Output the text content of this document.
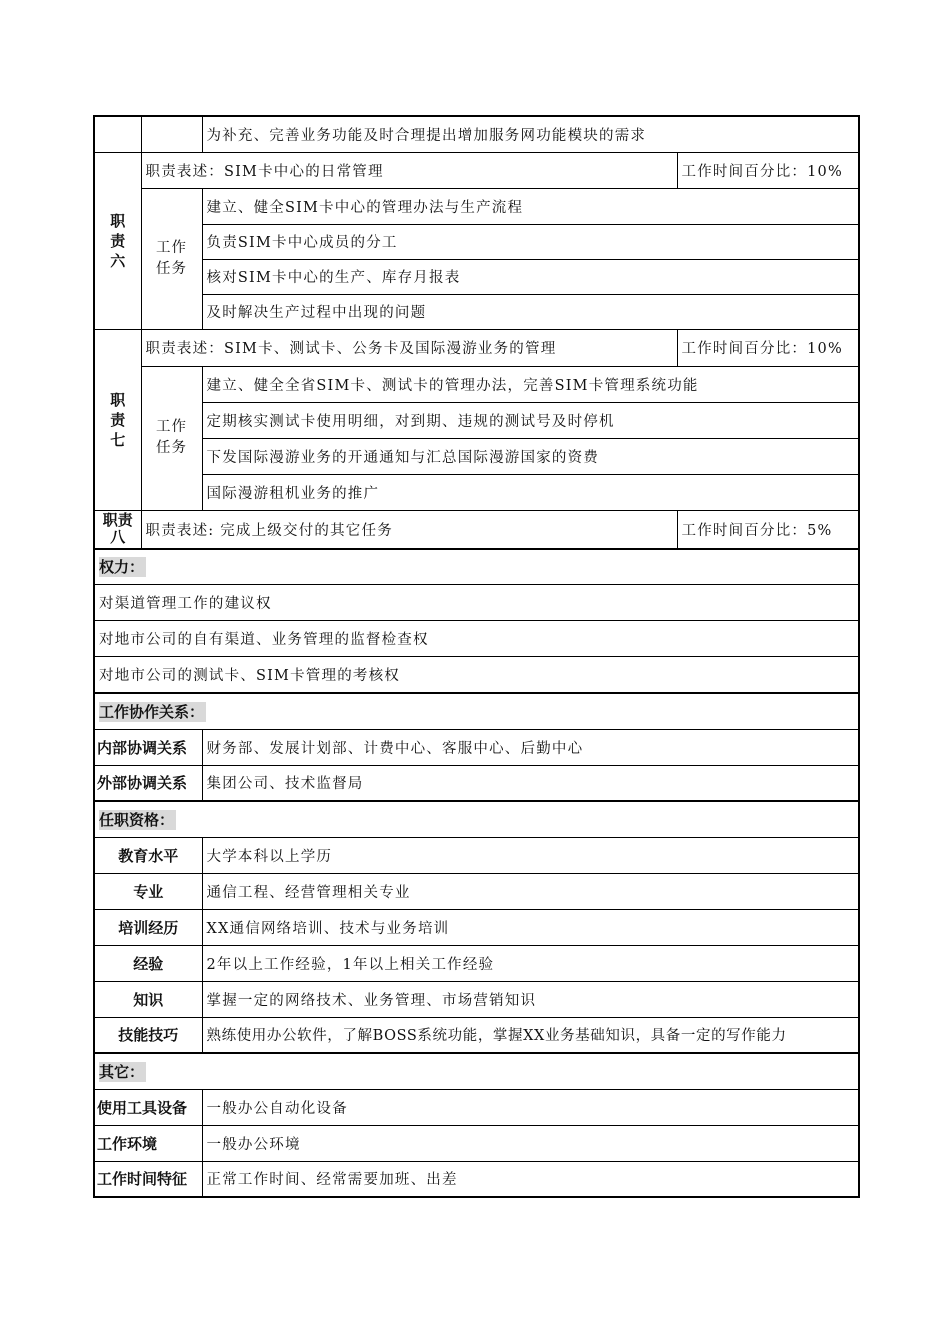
		为补充、完善业务功能及时合理提出增加服务网功能模块的需求	

职
责
六	职责表述：SIM卡中心的日常管理		工作时间百分比：10%

	工作
任务	建立、健全SIM卡中心的管理办法与生产流程	
		负责SIM卡中心成员的分工	
		核对SIM卡中心的生产、库存月报表	
		及时解决生产过程中出现的问题	

职
责
七	职责表述：SIM卡、测试卡、公务卡及国际漫游业务的管理		工作时间百分比：10%

	工作
任务	建立、健全全省SIM卡、测试卡的管理办法，完善SIM卡管理系统功能	
		定期核实测试卡使用明细，对到期、违规的测试号及时停机	
		下发国际漫游业务的开通通知与汇总国际漫游国家的资费	
		国际漫游租机业务的推广	

职责
八	职责表述: 完成上级交付的其它任务		工作时间百分比：5%
权力：			
对渠道管理工作的建议权			
对地市公司的自有渠道、业务管理的监督检查权			
对地市公司的测试卡、SIM卡管理的考核权			
工作协作关系：			
内部协调关系		财务部、发展计划部、计费中心、客服中心、后勤中心	
外部协调关系		集团公司、技术监督局	
任职资格：			
教育水平		大学本科以上学历	
专业		通信工程、经营管理相关专业	
培训经历		XX通信网络培训、技术与业务培训	
经验		2年以上工作经验，1年以上相关工作经验	
知识		掌握一定的网络技术、业务管理、市场营销知识	
技能技巧		熟练使用办公软件，了解BOSS系统功能，掌握XX业务基础知识，具备一定的写作能力	
其它：			
使用工具设备		一般办公自动化设备	
工作环境		一般办公环境	
工作时间特征		正常工作时间、经常需要加班、出差	
